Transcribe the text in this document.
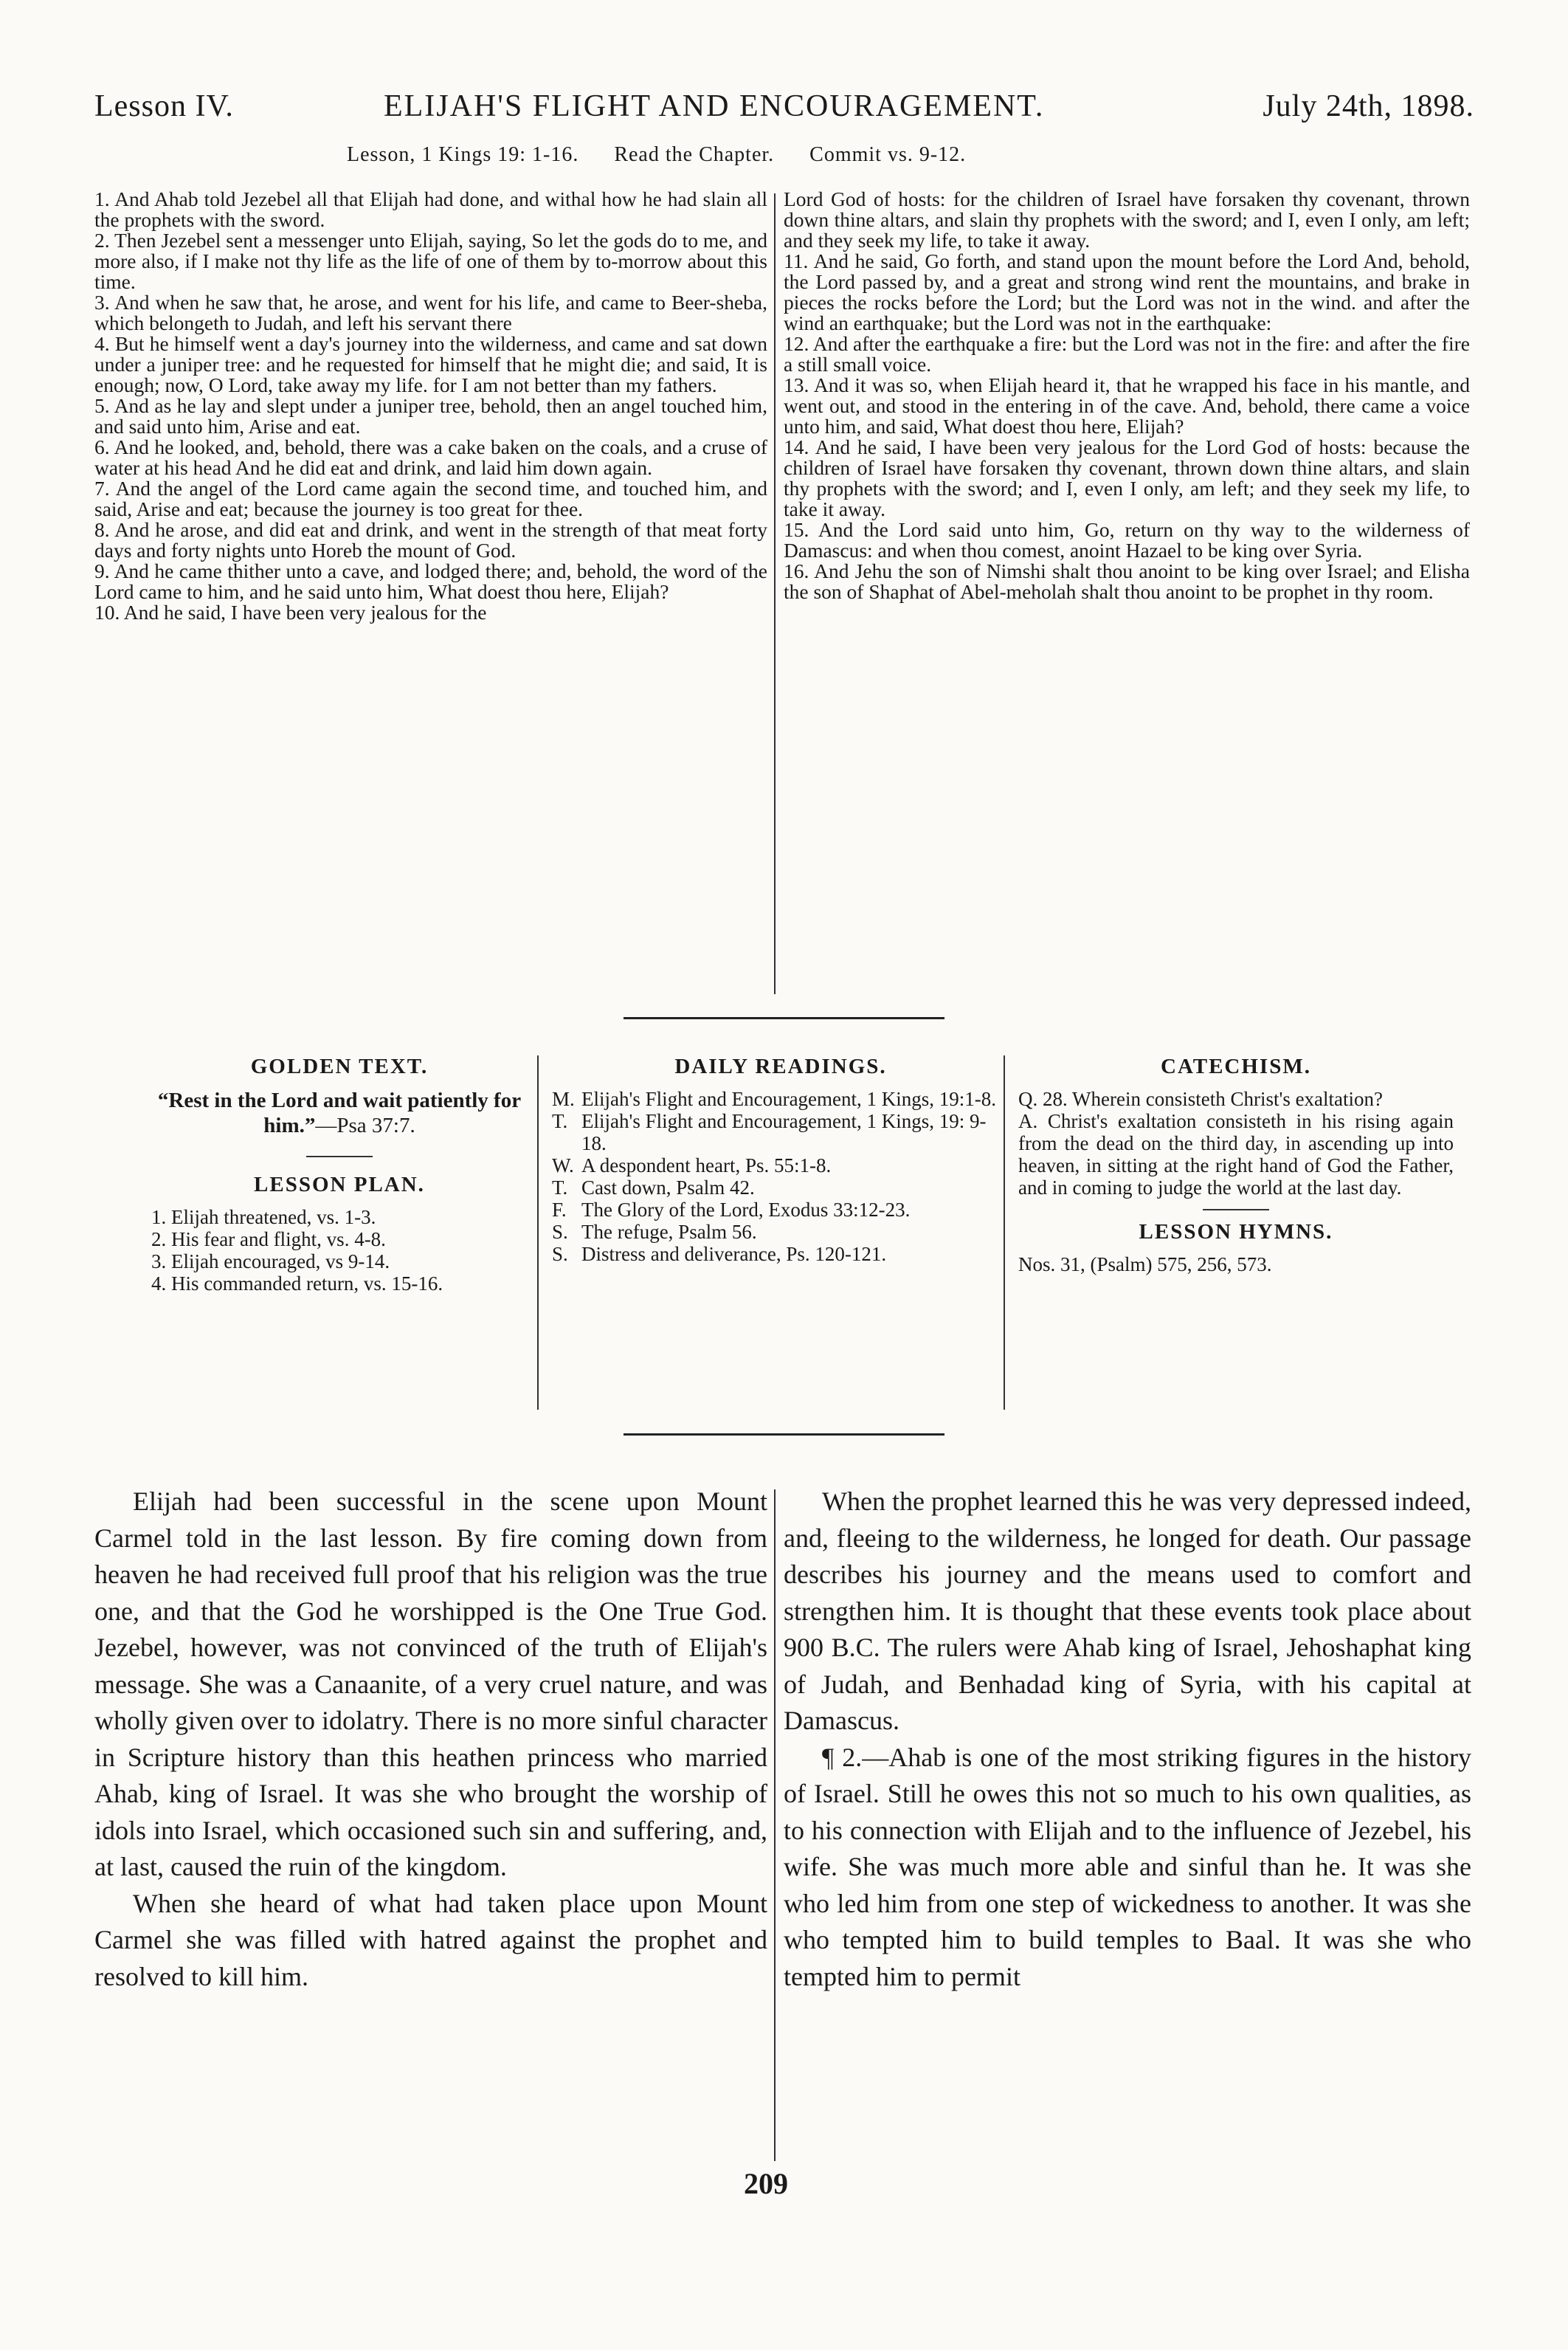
Lesson IV.	ELIJAH'S FLIGHT AND ENCOURAGEMENT.	July 24th, 1898.
Lesson, 1 Kings 19: 1-16. Read the Chapter. Commit vs. 9-12.

1. And Ahab told Jezebel all that Elijah had done, and withal how he had slain all the prophets with the sword.

2. Then Jezebel sent a messenger unto Elijah, saying, So let the gods do to me, and more also, if I make not thy life as the life of one of them by to-morrow about this time.

3. And when he saw that, he arose, and went for his life, and came to Beer-sheba, which belongeth to Judah, and left his servant there

4. But he himself went a day's journey into the wilderness, and came and sat down under a juniper tree: and he requested for himself that he might die; and said, It is enough; now, O Lord, take away my life. for I am not better than my fathers.

5. And as he lay and slept under a juniper tree, behold, then an angel touched him, and said unto him, Arise and eat.

6. And he looked, and, behold, there was a cake baken on the coals, and a cruse of water at his head And he did eat and drink, and laid him down again.

7. And the angel of the Lord came again the second time, and touched him, and said, Arise and eat; because the journey is too great for thee.

8. And he arose, and did eat and drink, and went in the strength of that meat forty days and forty nights unto Horeb the mount of God.

9. And he came thither unto a cave, and lodged there; and, behold, the word of the Lord came to him, and he said unto him, What doest thou here, Elijah?

10. And he said, I have been very jealous for the

Lord God of hosts: for the children of Israel have forsaken thy covenant, thrown down thine altars, and slain thy prophets with the sword; and I, even I only, am left; and they seek my life, to take it away.

11. And he said, Go forth, and stand upon the mount before the Lord And, behold, the Lord passed by, and a great and strong wind rent the mountains, and brake in pieces the rocks before the Lord; but the Lord was not in the wind. and after the wind an earthquake; but the Lord was not in the earthquake:

12. And after the earthquake a fire: but the Lord was not in the fire: and after the fire a still small voice.

13. And it was so, when Elijah heard it, that he wrapped his face in his mantle, and went out, and stood in the entering in of the cave. And, behold, there came a voice unto him, and said, What doest thou here, Elijah?

14. And he said, I have been very jealous for the Lord God of hosts: because the children of Israel have forsaken thy covenant, thrown down thine altars, and slain thy prophets with the sword; and I, even I only, am left; and they seek my life, to take it away.

15. And the Lord said unto him, Go, return on thy way to the wilderness of Damascus: and when thou comest, anoint Hazael to be king over Syria.

16. And Jehu the son of Nimshi shalt thou anoint to be king over Israel; and Elisha the son of Shaphat of Abel-meholah shalt thou anoint to be prophet in thy room.

GOLDEN TEXT.
“Rest in the Lord and wait patiently for him.”—Psa 37:7.
LESSON PLAN.
1. Elijah threatened, vs. 1-3.
2. His fear and flight, vs. 4-8.
3. Elijah encouraged, vs 9-14.
4. His commanded return, vs. 15-16.
DAILY READINGS.
M. Elijah's Flight and Encouragement, 1 Kings, 19:1-8.
T. Elijah's Flight and Encouragement, 1 Kings, 19: 9-18.
W. A despondent heart, Ps. 55:1-8.
T. Cast down, Psalm 42.
F. The Glory of the Lord, Exodus 33:12-23.
S. The refuge, Psalm 56.
S. Distress and deliverance, Ps. 120-121.
CATECHISM.

Q. 28. Wherein consisteth Christ's exaltation?

A. Christ's exaltation consisteth in his rising again from the dead on the third day, in ascending up into heaven, in sitting at the right hand of God the Father, and in coming to judge the world at the last day.

LESSON HYMNS.
Nos. 31, (Psalm) 575, 256, 573.

Elijah had been successful in the scene upon Mount Carmel told in the last lesson. By fire coming down from heaven he had received full proof that his religion was the true one, and that the God he worshipped is the One True God. Jezebel, however, was not convinced of the truth of Elijah's message. She was a Canaanite, of a very cruel nature, and was wholly given over to idolatry. There is no more sinful character in Scripture history than this heathen princess who married Ahab, king of Israel. It was she who brought the worship of idols into Israel, which occasioned such sin and suffering, and, at last, caused the ruin of the kingdom.

When she heard of what had taken place upon Mount Carmel she was filled with hatred against the prophet and resolved to kill him.

When the prophet learned this he was very depressed indeed, and, fleeing to the wilderness, he longed for death. Our passage describes his journey and the means used to comfort and strengthen him. It is thought that these events took place about 900 B.C. The rulers were Ahab king of Israel, Jehoshaphat king of Judah, and Benhadad king of Syria, with his capital at Damascus.

¶ 2.—Ahab is one of the most striking figures in the history of Israel. Still he owes this not so much to his own qualities, as to his connection with Elijah and to the influence of Jezebel, his wife. She was much more able and sinful than he. It was she who led him from one step of wickedness to another. It was she who tempted him to build temples to Baal. It was she who tempted him to permit

209
